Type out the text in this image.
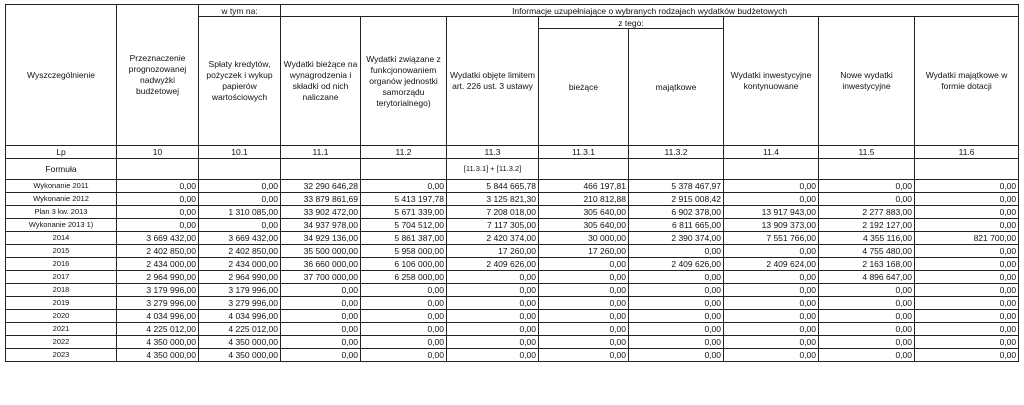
Wyszczególnienie	Przeznaczenie prognozowanej nadwyżki budżetowej	w tym na:	Informacje uzupełniające o wybranych rodzajach wydatków budżetowych							
		Spłaty kredytów, pożyczek i wykup papierów wartościowych	Wydatki bieżące na wynagrodzenia i składki od nich naliczane	Wydatki związane z funkcjonowaniem organów jednostki samorządu terytorialnego)	Wydatki objęte limitem art. 226 ust. 3 ustawy	z tego:		Wydatki inwestycyjne kontynuowane	Nowe wydatki inwestycyjne	Wydatki majątkowe w formie dotacji
						bieżące	majątkowe			
Lp	10	10.1	11.1	11.2	11.3	11.3.1	11.3.2	11.4	11.5	11.6
Formuła					[11.3.1] + [11.3.2]					
Wykonanie 2011	0,00	0,00	32 290 646,28	0,00	5 844 665,78	466 197,81	5 378 467,97	0,00	0,00	0,00
Wykonanie 2012	0,00	0,00	33 879 861,69	5 413 197,78	3 125 821,30	210 812,88	2 915 008,42	0,00	0,00	0,00
Plan 3 kw. 2013	0,00	1 310 085,00	33 902 472,00	5 671 339,00	7 208 018,00	305 640,00	6 902 378,00	13 917 943,00	2 277 883,00	0,00
Wykonanie 2013 1)	0,00	0,00	34 937 978,00	5 704 512,00	7 117 305,00	305 640,00	6 811 665,00	13 909 373,00	2 192 127,00	0,00
2014	3 669 432,00	3 669 432,00	34 929 136,00	5 861 387,00	2 420 374,00	30 000,00	2 390 374,00	7 551 766,00	4 355 116,00	821 700,00
2015	2 402 850,00	2 402 850,00	35 500 000,00	5 958 000,00	17 260,00	17 260,00	0,00	0,00	4 755 480,00	0,00
2016	2 434 000,00	2 434 000,00	36 660 000,00	6 106 000,00	2 409 626,00	0,00	2 409 626,00	2 409 624,00	2 163 168,00	0,00
2017	2 964 990,00	2 964 990,00	37 700 000,00	6 258 000,00	0,00	0,00	0,00	0,00	4 896 647,00	0,00
2018	3 179 996,00	3 179 996,00	0,00	0,00	0,00	0,00	0,00	0,00	0,00	0,00
2019	3 279 996,00	3 279 996,00	0,00	0,00	0,00	0,00	0,00	0,00	0,00	0,00
2020	4 034 996,00	4 034 996,00	0,00	0,00	0,00	0,00	0,00	0,00	0,00	0,00
2021	4 225 012,00	4 225 012,00	0,00	0,00	0,00	0,00	0,00	0,00	0,00	0,00
2022	4 350 000,00	4 350 000,00	0,00	0,00	0,00	0,00	0,00	0,00	0,00	0,00
2023	4 350 000,00	4 350 000,00	0,00	0,00	0,00	0,00	0,00	0,00	0,00	0,00
